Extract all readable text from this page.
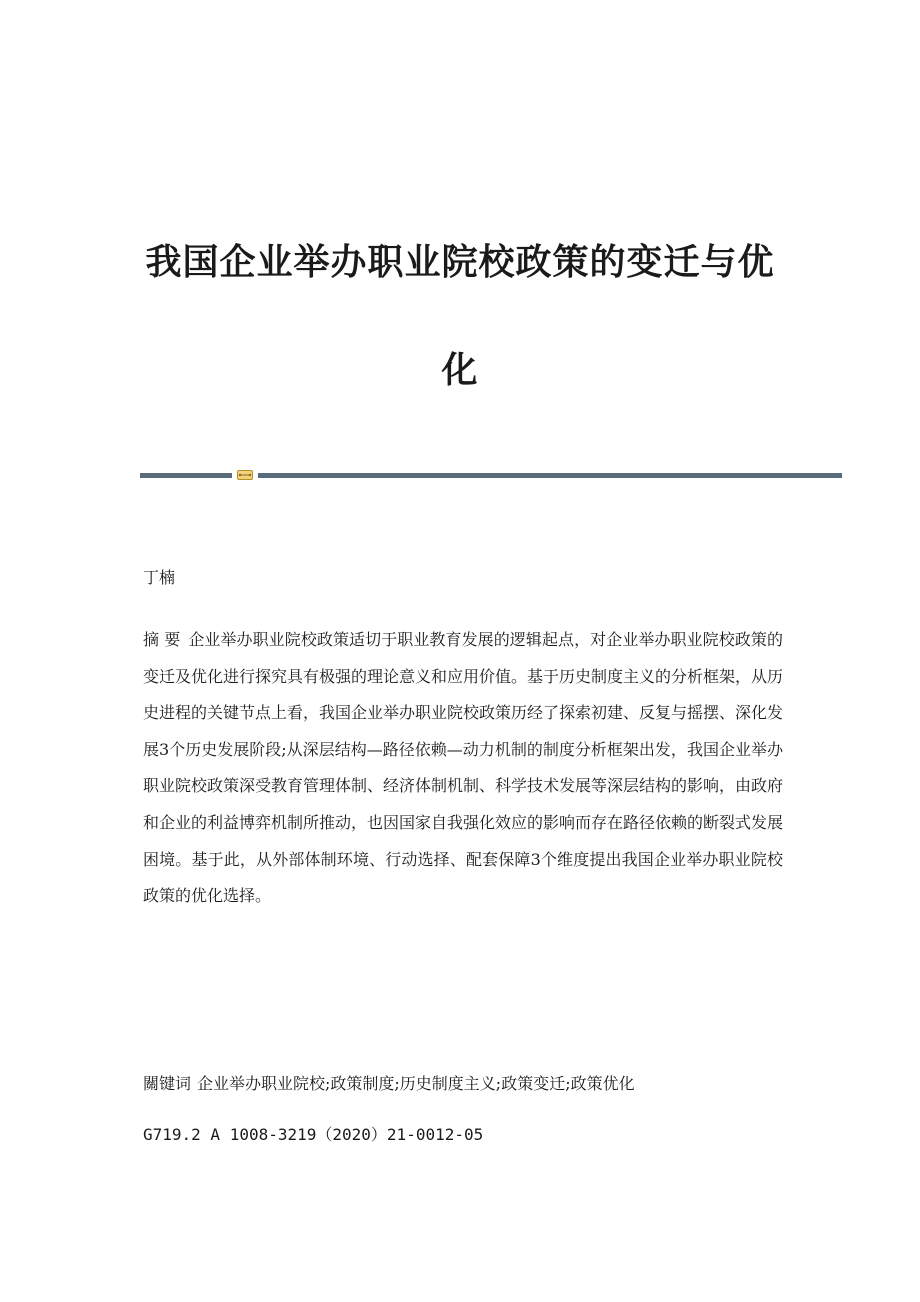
我国企业举办职业院校政策的变迁与优
化

丁楠

摘 要 企业举办职业院校政策适切于职业教育发展的逻辑起点，对企业举办职业院校政策的变迁及优化进行探究具有极强的理论意义和应用价值。基于历史制度主义的分析框架，从历史进程的关键节点上看，我国企业举办职业院校政策历经了探索初建、反复与摇摆、深化发展3个历史发展阶段;从深层结构—路径依赖—动力机制的制度分析框架出发，我国企业举办职业院校政策深受教育管理体制、经济体制机制、科学技术发展等深层结构的影响，由政府和企业的利益博弈机制所推动，也因国家自我强化效应的影响而存在路径依赖的断裂式发展困境。基于此，从外部体制环境、行动选择、配套保障3个维度提出我国企业举办职业院校政策的优化选择。

關键词 企业举办职业院校;政策制度;历史制度主义;政策变迁;政策优化

G719.2 A 1008-3219（2020）21-0012-05
